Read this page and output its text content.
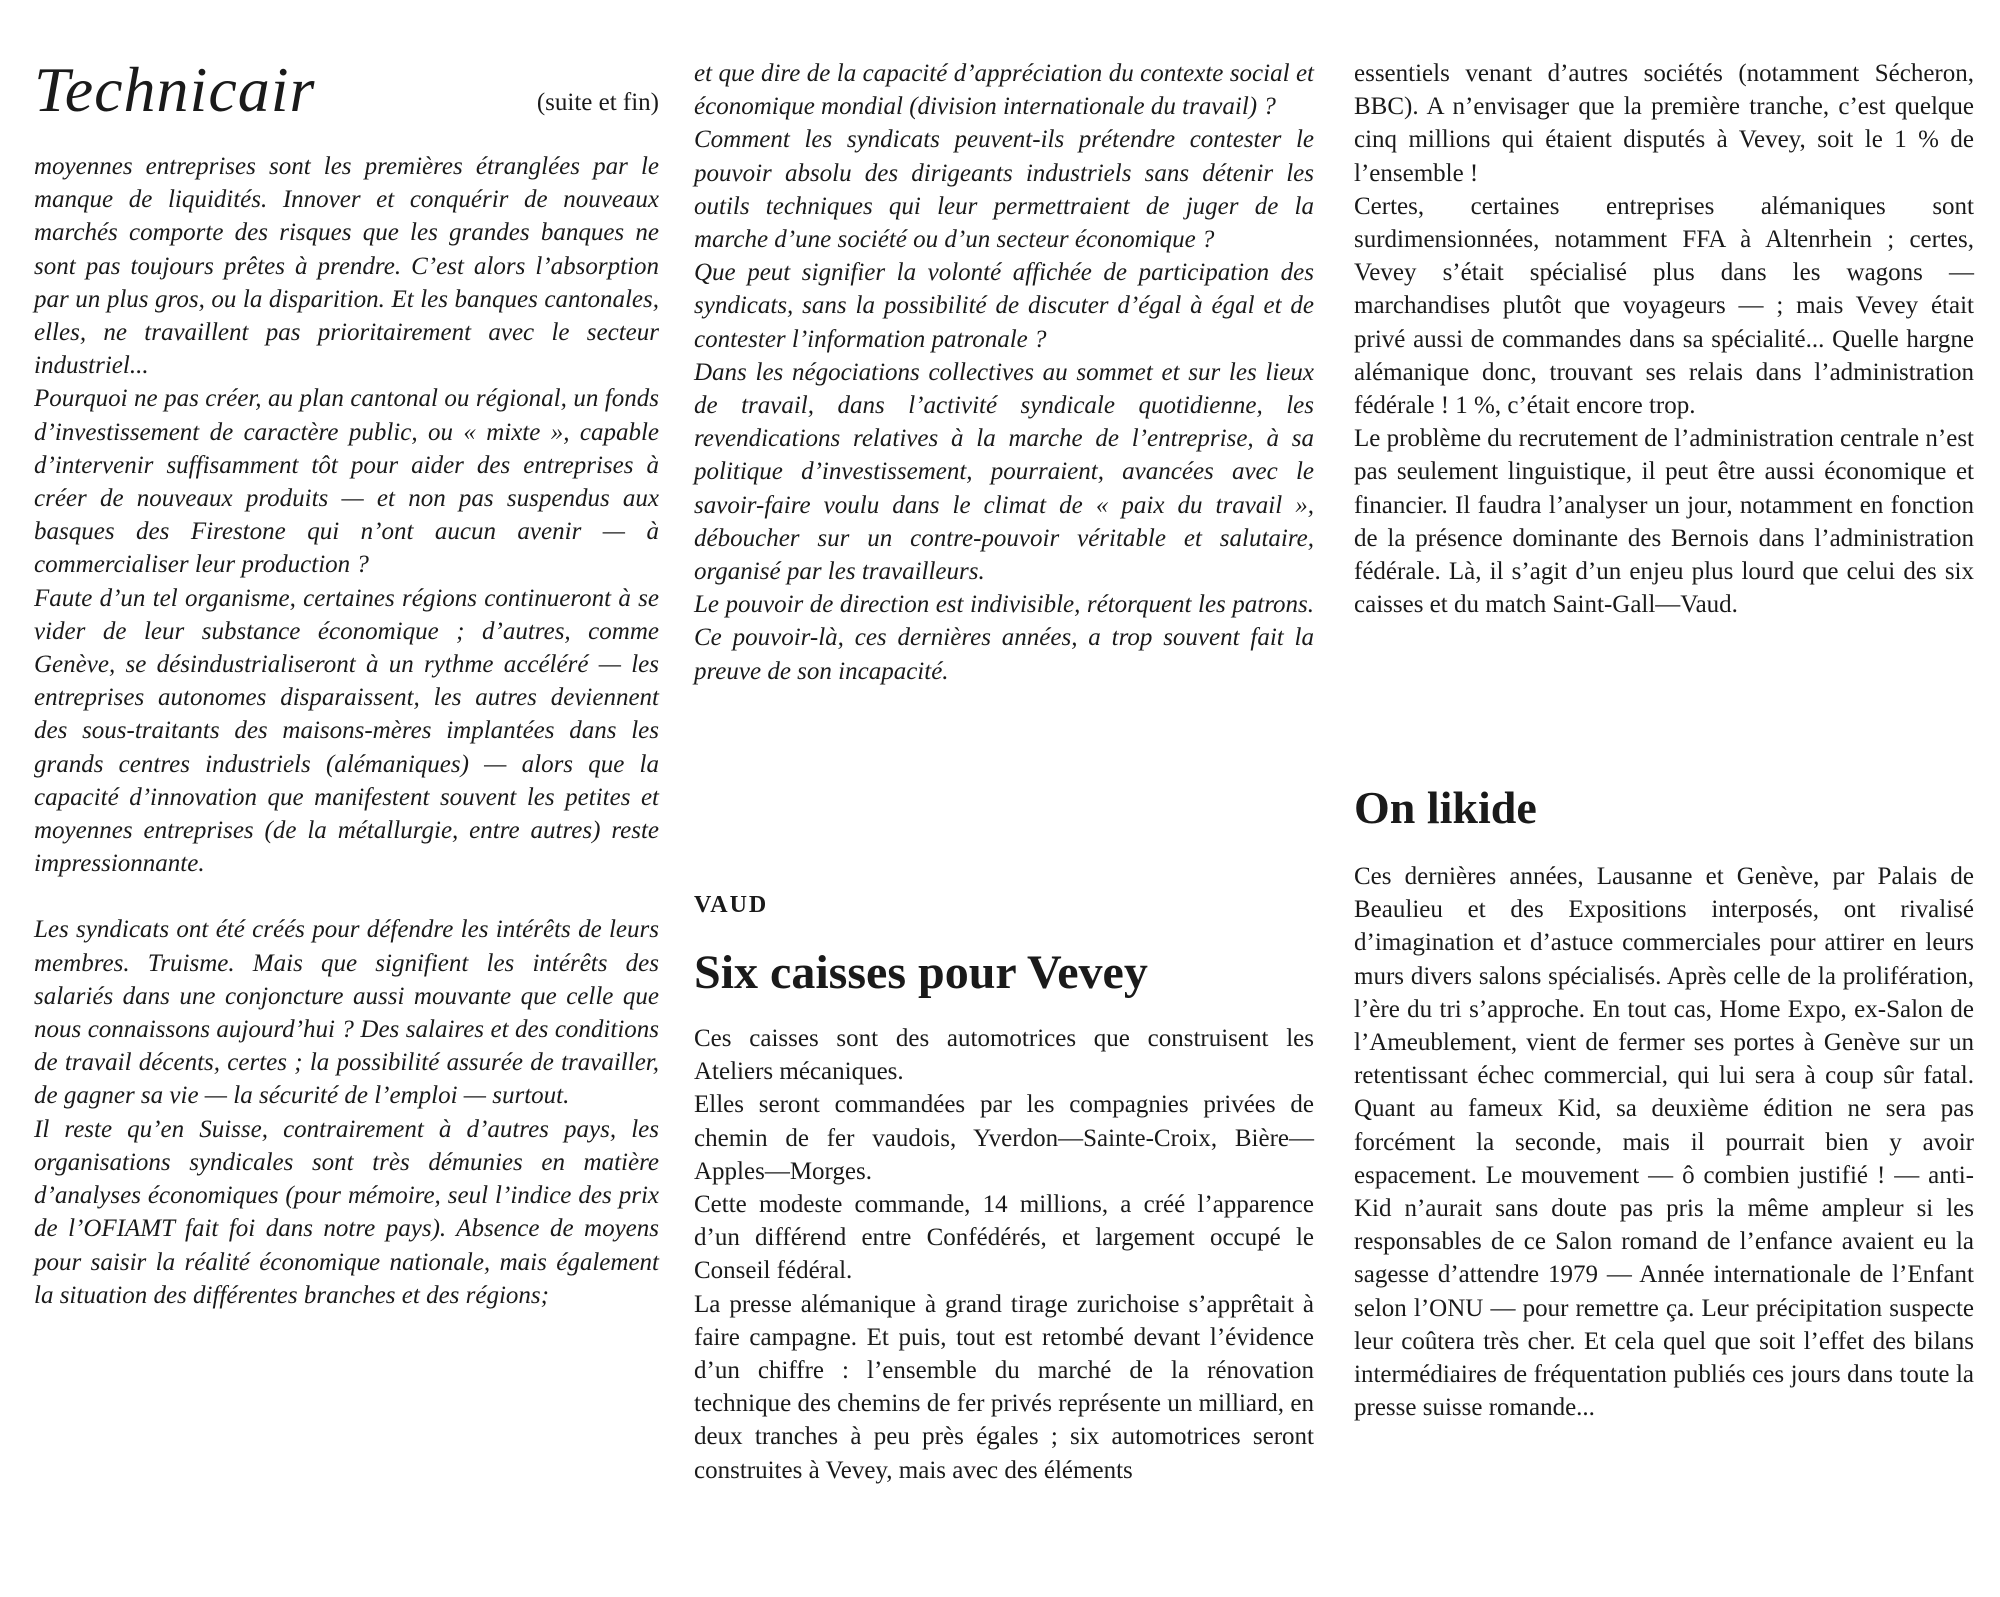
Technicair	(suite et fin)

moyennes entreprises sont les premières étranglées par le manque de liquidités. Innover et conquérir de nouveaux marchés comporte des risques que les grandes banques ne sont pas toujours prêtes à prendre. C’est alors l’absorption par un plus gros, ou la disparition. Et les banques cantonales, elles, ne travaillent pas prioritairement avec le secteur industriel...

Pourquoi ne pas créer, au plan cantonal ou régional, un fonds d’investissement de caractère public, ou « mixte », capable d’intervenir suffisamment tôt pour aider des entreprises à créer de nouveaux produits — et non pas suspendus aux basques des Firestone qui n’ont aucun avenir — à commercialiser leur production ?

Faute d’un tel organisme, certaines régions continueront à se vider de leur substance économique ; d’autres, comme Genève, se désindustrialiseront à un rythme accéléré — les entreprises autonomes disparaissent, les autres deviennent des sous-traitants des maisons-mères implantées dans les grands centres industriels (alémaniques) — alors que la capacité d’innovation que manifestent souvent les petites et moyennes entreprises (de la métallurgie, entre autres) reste impressionnante.

Les syndicats ont été créés pour défendre les intérêts de leurs membres. Truisme. Mais que signifient les intérêts des salariés dans une conjoncture aussi mouvante que celle que nous connaissons aujourd’hui ? Des salaires et des conditions de travail décents, certes ; la possibilité assurée de travailler, de gagner sa vie — la sécurité de l’emploi — surtout.

Il reste qu’en Suisse, contrairement à d’autres pays, les organisations syndicales sont très démunies en matière d’analyses économiques (pour mémoire, seul l’indice des prix de l’OFIAMT fait foi dans notre pays). Absence de moyens pour saisir la réalité économique nationale, mais également la situation des différentes branches et des régions;

et que dire de la capacité d’appréciation du contexte social et économique mondial (division internationale du travail) ?

Comment les syndicats peuvent-ils prétendre contester le pouvoir absolu des dirigeants industriels sans détenir les outils techniques qui leur permettraient de juger de la marche d’une société ou d’un secteur économique ?

Que peut signifier la volonté affichée de participation des syndicats, sans la possibilité de discuter d’égal à égal et de contester l’information patronale ?

Dans les négociations collectives au sommet et sur les lieux de travail, dans l’activité syndicale quotidienne, les revendications relatives à la marche de l’entreprise, à sa politique d’investissement, pourraient, avancées avec le savoir-faire voulu dans le climat de « paix du travail », déboucher sur un contre-pouvoir véritable et salutaire, organisé par les travailleurs.

Le pouvoir de direction est indivisible, rétorquent les patrons. Ce pouvoir-là, ces dernières années, a trop souvent fait la preuve de son incapacité.

VAUD
Six caisses pour Vevey

Ces caisses sont des automotrices que construisent les Ateliers mécaniques.

Elles seront commandées par les compagnies privées de chemin de fer vaudois, Yverdon—Sainte-Croix, Bière—Apples—Morges.

Cette modeste commande, 14 millions, a créé l’apparence d’un différend entre Confédérés, et largement occupé le Conseil fédéral.

La presse alémanique à grand tirage zurichoise s’apprêtait à faire campagne. Et puis, tout est retombé devant l’évidence d’un chiffre : l’ensemble du marché de la rénovation technique des chemins de fer privés représente un milliard, en deux tranches à peu près égales ; six automotrices seront construites à Vevey, mais avec des éléments

essentiels venant d’autres sociétés (notamment Sécheron, BBC). A n’envisager que la première tranche, c’est quelque cinq millions qui étaient disputés à Vevey, soit le 1 % de l’ensemble !

Certes, certaines entreprises alémaniques sont surdimensionnées, notamment FFA à Altenrhein ; certes, Vevey s’était spécialisé plus dans les wagons — marchandises plutôt que voyageurs — ; mais Vevey était privé aussi de commandes dans sa spécialité... Quelle hargne alémanique donc, trouvant ses relais dans l’administration fédérale ! 1 %, c’était encore trop.

Le problème du recrutement de l’administration centrale n’est pas seulement linguistique, il peut être aussi économique et financier. Il faudra l’analyser un jour, notamment en fonction de la présence dominante des Bernois dans l’administration fédérale. Là, il s’agit d’un enjeu plus lourd que celui des six caisses et du match Saint-Gall—Vaud.

On likide

Ces dernières années, Lausanne et Genève, par Palais de Beaulieu et des Expositions interposés, ont rivalisé d’imagination et d’astuce commerciales pour attirer en leurs murs divers salons spécialisés. Après celle de la prolifération, l’ère du tri s’approche. En tout cas, Home Expo, ex-Salon de l’Ameublement, vient de fermer ses portes à Genève sur un retentissant échec commercial, qui lui sera à coup sûr fatal. Quant au fameux Kid, sa deuxième édition ne sera pas forcément la seconde, mais il pourrait bien y avoir espacement. Le mouvement — ô combien justifié ! — anti-Kid n’aurait sans doute pas pris la même ampleur si les responsables de ce Salon romand de l’enfance avaient eu la sagesse d’attendre 1979 — Année internationale de l’Enfant selon l’ONU — pour remettre ça. Leur précipitation suspecte leur coûtera très cher. Et cela quel que soit l’effet des bilans intermédiaires de fréquentation publiés ces jours dans toute la presse suisse romande...
